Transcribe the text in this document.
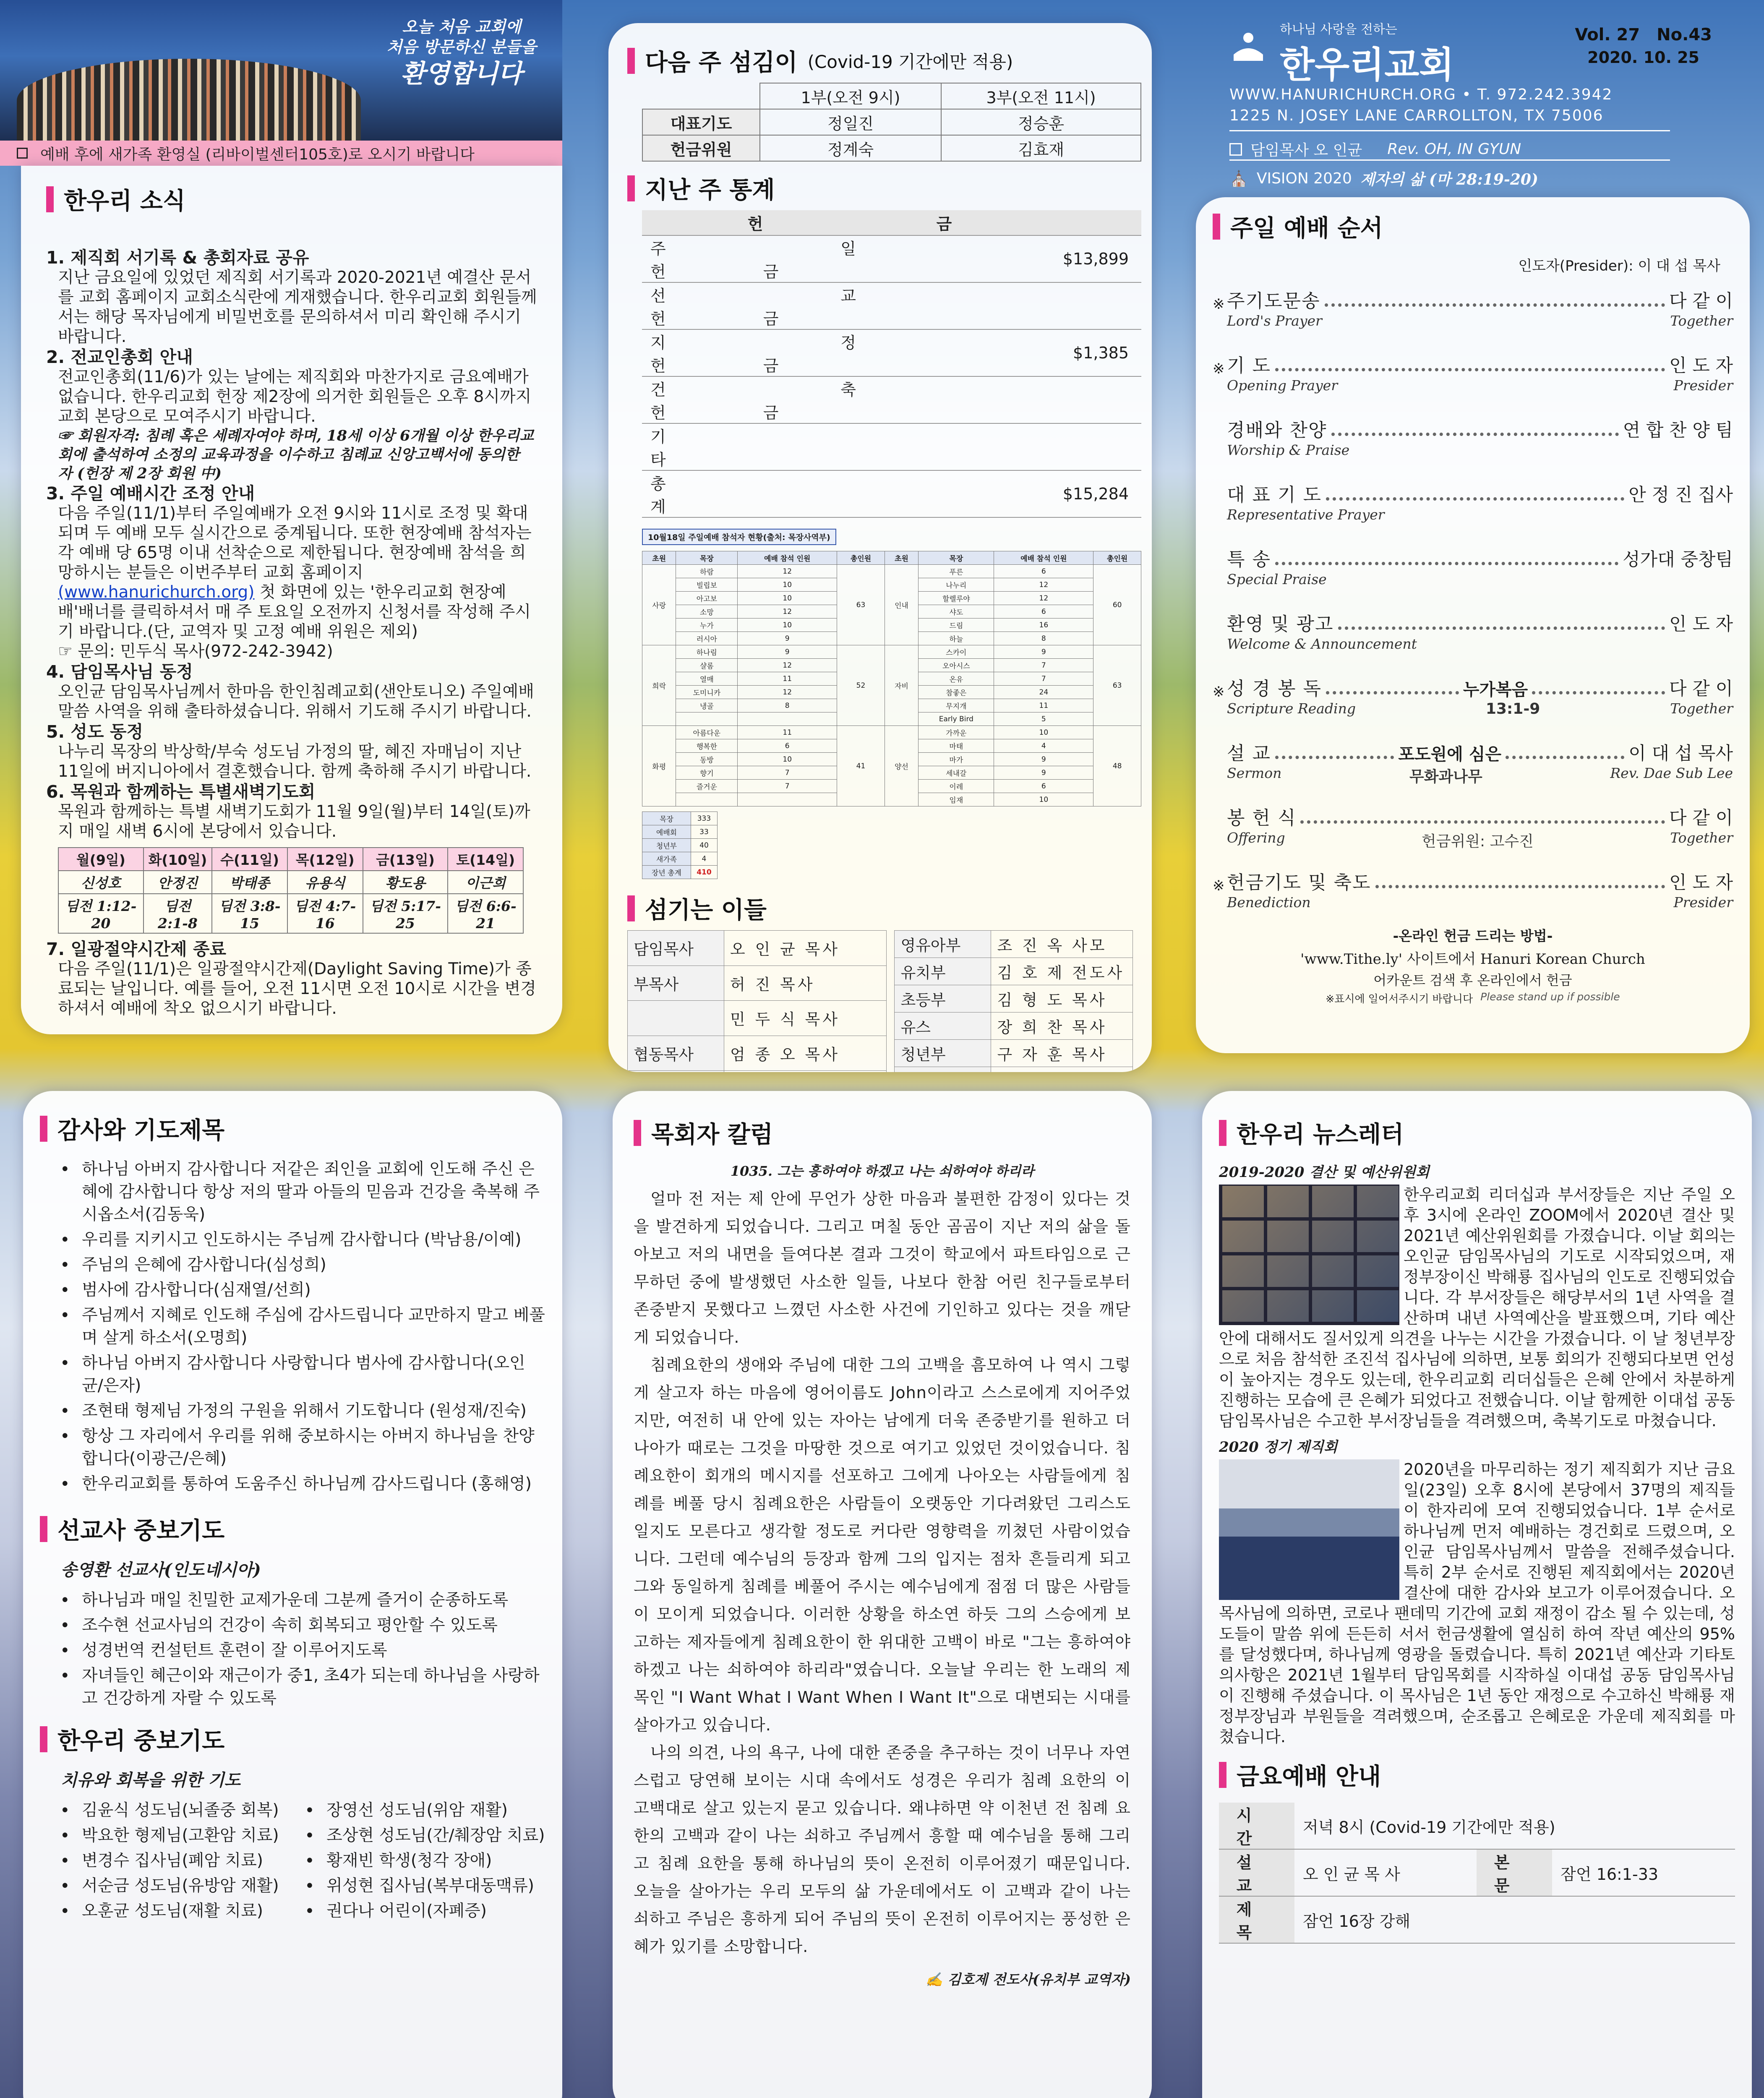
오늘 처음 교회에
처음 방문하신 분들을
환영합니다
예배 후에 새가족 환영실 (리바이벌센터105호)로 오시기 바랍니다
한우리 소식
1. 제직회 서기록 & 총회자료 공유
지난 금요일에 있었던 제직회 서기록과 2020-2021년 예결산 문서를 교회 홈페이지 교회소식란에 게재했습니다. 한우리교회 회원들께서는 해당 목자님에게 비밀번호를 문의하셔서 미리 확인해 주시기 바랍니다.
2. 전교인총회 안내
전교인총회(11/6)가 있는 날에는 제직회와 마찬가지로 금요예배가 없습니다. 한우리교회 헌장 제2장에 의거한 회원들은 오후 8시까지 교회 본당으로 모여주시기 바랍니다.
☞ 회원자격: 침례 혹은 세례자여야 하며, 18세 이상 6개월 이상 한우리교회에 출석하여 소정의 교육과정을 이수하고 침례교 신앙고백서에 동의한 자 (헌장 제 2장 회원 中)
3. 주일 예배시간 조정 안내
다음 주일(11/1)부터 주일예배가 오전 9시와 11시로 조정 및 확대되며 두 예배 모두 실시간으로 중계됩니다. 또한 현장예배 참석자는 각 예배 당 65명 이내 선착순으로 제한됩니다. 현장예배 참석을 희망하시는 분들은 이번주부터 교회 홈페이지 (www.hanurichurch.org) 첫 화면에 있는 '한우리교회 현장예배'배너를 클릭하셔서 매 주 토요일 오전까지 신청서를 작성해 주시기 바랍니다.(단, 교역자 및 고정 예배 위원은 제외)
☞ 문의: 민두식 목사(972-242-3942)
4. 담임목사님 동정
오인균 담임목사님께서 한마음 한인침례교회(샌안토니오) 주일예배 말씀 사역을 위해 출타하셨습니다. 위해서 기도해 주시기 바랍니다.
5. 성도 동정
나누리 목장의 박상학/부숙 성도님 가정의 딸, 혜진 자매님이 지난 11일에 버지니아에서 결혼했습니다. 함께 축하해 주시기 바랍니다.
6. 목원과 함께하는 특별새벽기도회
목원과 함께하는 특별 새벽기도회가 11월 9일(월)부터 14일(토)까지 매일 새벽 6시에 본당에서 있습니다.
월(9일)	화(10일)	수(11일)	목(12일)	금(13일)	토(14일)
신성호	안정진	박태종	유용식	황도용	이근희
딤전 1:12-20	딤전 2:1-8	딤전 3:8-15	딤전 4:7-16	딤전 5:17-25	딤전 6:6-21
7. 일광절약시간제 종료
다음 주일(11/1)은 일광절약시간제(Daylight Saving Time)가 종료되는 날입니다. 예를 들어, 오전 11시면 오전 10시로 시간을 변경하셔서 예배에 착오 없으시기 바랍니다.
다음 주 섬김이 (Covid-19 기간에만 적용)
	1부(오전 9시)	3부(오전 11시)
대표기도	정일진	정승훈
헌금위원	정계숙	김효재
지난 주 통계
헌 금	
주 일 헌 금	$13,899
선 교 헌 금	
지 정 헌 금	$1,385
건 축 헌 금	
기 타	
총 계	$15,284
10월18일 주일예배 참석자 현황(출처: 목장사역부)
초원	목장	예배 참석 인원	총인원	초원	목장	예배 참석 인원	총인원
사랑	하람	12	63	인내	푸른	6	60
	빌립보	10			나누리	12	
	아고보	10			할렐루야	12	
	소망	12			샤도	6	
	누가	10			드림	16	
	러시아	9			하늘	8	
희락	하나림	9	52	자비	스카이	9	63
	샬롬	12			오아시스	7	
	열매	11			온유	7	
	도미니카	12			참좋은	24	
	냉골	8			무지개	11	
					Early Bird	5	
화평	아름다운	11	41	양선	가까운	10	48
	행복한	6			마태	4	
	동방	10			마가	9	
	향기	7			세내갈	9	
	즐거운	7			이레	6	
					임재	10	
목장	333
예배회	33
청년부	40
새가족	4
장년 총계	410
섬기는 이들
담임목사	오 인 균 목사
부목사	허 진 목사
	민 두 식 목사
협동목사	엄 종 오 목사

영유아부	조 진 옥 사모
유치부	김 호 제 전도사
초등부	김 형 도 목사
유스	장 희 찬 목사
청년부	구 자 훈 목사

하나님 사랑을 전하는
한우리교회
Vol. 27 No.43
2020. 10. 25
WWW.HANURICHURCH.ORG • T. 972.242.3942
1225 N. JOSEY LANE CARROLLTON, TX 75006
담임목사 오 인균 Rev. OH, IN GYUN
⛪ VISION 2020 제자의 삶 (마 28:19-20)
주일 예배 순서
인도자(Presider): 이 대 섭 목사
※ 주기도문송	다 같 이
Lord's Prayer	Together
※ 기 도	인 도 자
Opening Prayer	Presider
경배와 찬양	연 합 찬 양 팀
Worship & Praise
대 표 기 도	안 정 진 집사
Representative Prayer
특 송	성가대 중창팀
Special Praise
환영 및 광고	인 도 자
Welcome & Announcement
※ 성 경 봉 독	누가복음	다 같 이
Scripture Reading	13:1-9	Together
설 교	포도원에 심은	이 대 섭 목사
Sermon	무화과나무	Rev. Dae Sub Lee
봉 헌 식	다 같 이
Offering	헌금위원: 고수진	Together
※ 헌금기도 및 축도	인 도 자
Benediction	Presider
-온라인 헌금 드리는 방법-
'www.Tithe.ly' 사이트에서 Hanuri Korean Church
어카운트 검색 후 온라인에서 헌금
※표시에 일어서주시기 바랍니다 Please stand up if possible
감사와 기도제목
• 하나님 아버지 감사합니다 저같은 죄인을 교회에 인도해 주신 은혜에 감사합니다 항상 저의 딸과 아들의 믿음과 건강을 축복해 주시옵소서(김동욱)
• 우리를 지키시고 인도하시는 주님께 감사합니다 (박남용/이예)
• 주님의 은혜에 감사합니다(심성희)
• 범사에 감사합니다(심재열/선희)
• 주님께서 지혜로 인도해 주심에 감사드립니다 교만하지 말고 베풀며 살게 하소서(오명희)
• 하나님 아버지 감사합니다 사랑합니다 범사에 감사합니다(오인균/은자)
• 조현태 형제님 가정의 구원을 위해서 기도합니다 (원성재/진숙)
• 항상 그 자리에서 우리를 위해 중보하시는 아버지 하나님을 찬양합니다(이광근/은혜)
• 한우리교회를 통하여 도움주신 하나님께 감사드립니다 (홍해영)
선교사 중보기도
송영환 선교사(인도네시아)
• 하나님과 매일 친밀한 교제가운데 그분께 즐거이 순종하도록
• 조수현 선교사님의 건강이 속히 회복되고 평안할 수 있도록
• 성경번역 컨설턴트 훈련이 잘 이루어지도록
• 자녀들인 혜근이와 재근이가 중1, 초4가 되는데 하나님을 사랑하고 건강하게 자랄 수 있도록
한우리 중보기도
치유와 회복을 위한 기도
• 김윤식 성도님(뇌졸중 회복)
• 박요한 형제님(고환암 치료)
• 변경수 집사님(폐암 치료)
• 서순금 성도님(유방암 재활)
• 오훈균 성도님(재활 치료)
• 장영선 성도님(위암 재활)
• 조상현 성도님(간/췌장암 치료)
• 황재빈 학생(청각 장애)
• 위성현 집사님(복부대동맥류)
• 권다나 어린이(자폐증)
목회자 칼럼
1035. 그는 흥하여야 하겠고 나는 쇠하여야 하리라

얼마 전 저는 제 안에 무언가 상한 마음과 불편한 감정이 있다는 것을 발견하게 되었습니다. 그리고 며칠 동안 곰곰이 지난 저의 삶을 돌아보고 저의 내면을 들여다본 결과 그것이 학교에서 파트타임으로 근무하던 중에 발생했던 사소한 일들, 나보다 한참 어린 친구들로부터 존중받지 못했다고 느꼈던 사소한 사건에 기인하고 있다는 것을 깨닫게 되었습니다.

침례요한의 생애와 주님에 대한 그의 고백을 흠모하여 나 역시 그렇게 살고자 하는 마음에 영어이름도 John이라고 스스로에게 지어주었지만, 여전히 내 안에 있는 자아는 남에게 더욱 존중받기를 원하고 더 나아가 때로는 그것을 마땅한 것으로 여기고 있었던 것이었습니다. 침례요한이 회개의 메시지를 선포하고 그에게 나아오는 사람들에게 침례를 베풀 당시 침례요한은 사람들이 오랫동안 기다려왔던 그리스도일지도 모른다고 생각할 정도로 커다란 영향력을 끼쳤던 사람이었습니다. 그런데 예수님의 등장과 함께 그의 입지는 점차 흔들리게 되고 그와 동일하게 침례를 베풀어 주시는 예수님에게 점점 더 많은 사람들이 모이게 되었습니다. 이러한 상황을 하소연 하듯 그의 스승에게 보고하는 제자들에게 침례요한이 한 위대한 고백이 바로 "그는 흥하여야 하겠고 나는 쇠하여야 하리라"였습니다. 오늘날 우리는 한 노래의 제목인 "I Want What I Want When I Want It"으로 대변되는 시대를 살아가고 있습니다.

나의 의견, 나의 욕구, 나에 대한 존중을 추구하는 것이 너무나 자연스럽고 당연해 보이는 시대 속에서도 성경은 우리가 침례 요한의 이 고백대로 살고 있는지 묻고 있습니다. 왜냐하면 약 이천년 전 침례 요한의 고백과 같이 나는 쇠하고 주님께서 흥할 때 예수님을 통해 그리고 침례 요한을 통해 하나님의 뜻이 온전히 이루어졌기 때문입니다. 오늘을 살아가는 우리 모두의 삶 가운데에서도 이 고백과 같이 나는 쇠하고 주님은 흥하게 되어 주님의 뜻이 온전히 이루어지는 풍성한 은혜가 있기를 소망합니다.

✍ 김호제 전도사(유치부 교역자)
한우리 뉴스레터
2019-2020 결산 및 예산위원회
한우리교회 리더십과 부서장들은 지난 주일 오후 3시에 온라인 ZOOM에서 2020년 결산 및 2021년 예산위원회를 가졌습니다. 이날 회의는 오인균 담임목사님의 기도로 시작되었으며, 재정부장이신 박해룡 집사님의 인도로 진행되었습니다. 각 부서장들은 해당부서의 1년 사역을 결산하며 내년 사역예산을 발표했으며, 기타 예산안에 대해서도 질서있게 의견을 나누는 시간을 가졌습니다. 이 날 청년부장으로 처음 참석한 조진석 집사님에 의하면, 보통 회의가 진행되다보면 언성이 높아지는 경우도 있는데, 한우리교회 리더십들은 은혜 안에서 차분하게 진행하는 모습에 큰 은혜가 되었다고 전했습니다. 이날 함께한 이대섭 공동 담임목사님은 수고한 부서장님들을 격려했으며, 축복기도로 마쳤습니다.
2020 정기 제직회
2020년을 마무리하는 정기 제직회가 지난 금요일(23일) 오후 8시에 본당에서 37명의 제직들이 한자리에 모여 진행되었습니다. 1부 순서로 하나님께 먼저 예배하는 경건회로 드렸으며, 오인균 담임목사님께서 말씀을 전해주셨습니다. 특히 2부 순서로 진행된 제직회에서는 2020년 결산에 대한 감사와 보고가 이루어졌습니다. 오 목사님에 의하면, 코로나 팬데믹 기간에 교회 재정이 감소 될 수 있는데, 성도들이 말씀 위에 든든히 서서 헌금생활에 열심히 하여 작년 예산의 95%를 달성했다며, 하나님께 영광을 돌렸습니다. 특히 2021년 예산과 기타토의사항은 2021년 1월부터 담임목회를 시작하실 이대섭 공동 담임목사님이 진행해 주셨습니다. 이 목사님은 1년 동안 재정으로 수고하신 박해룡 재정부장님과 부원들을 격려했으며, 순조롭고 은혜로운 가운데 제직회를 마쳤습니다.
금요예배 안내
시 간	저녁 8시 (Covid-19 기간에만 적용)		
설 교	오 인 균 목 사	본 문	잠언 16:1-33
제 목	잠언 16장 강해		
